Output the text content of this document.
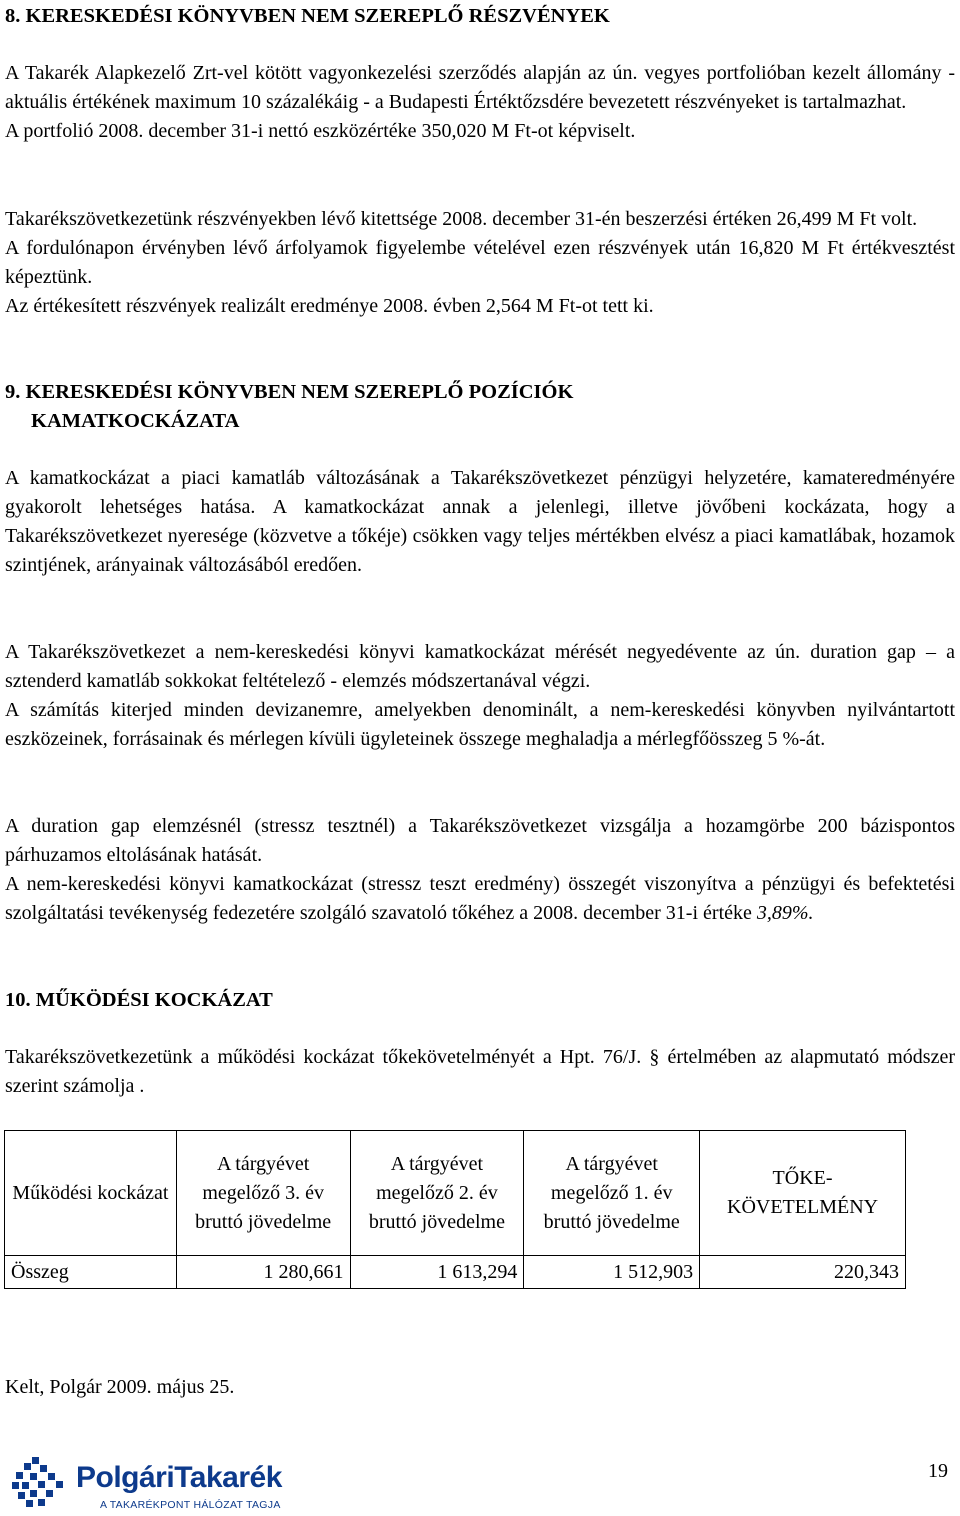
8. KERESKEDÉSI KÖNYVBEN NEM SZEREPLŐ RÉSZVÉNYEK

A Takarék Alapkezelő Zrt-vel kötött vagyonkezelési szerződés alapján az ún. vegyes portfolióban kezelt állomány - aktuális értékének maximum 10 százalékáig - a Budapesti Értéktőzsdére bevezetett részvényeket is tartalmazhat.

A portfolió 2008. december 31-i nettó eszközértéke 350,020 M Ft-ot képviselt.

Takarékszövetkezetünk részvényekben lévő kitettsége 2008. december 31-én beszerzési értéken 26,499 M Ft volt.

A fordulónapon érvényben lévő árfolyamok figyelembe vételével ezen részvények után 16,820 M Ft értékvesztést képeztünk.

Az értékesített részvények realizált eredménye 2008. évben 2,564 M Ft-ot tett ki.

9. KERESKEDÉSI KÖNYVBEN NEM SZEREPLŐ POZÍCIÓK
KAMATKOCKÁZATA

A kamatkockázat a piaci kamatláb változásának a Takarékszövetkezet pénzügyi helyzetére, kamateredményére gyakorolt lehetséges hatása. A kamatkockázat annak a jelenlegi, illetve jövőbeni kockázata, hogy a Takarékszövetkezet nyeresége (közvetve a tőkéje) csökken vagy teljes mértékben elvész a piaci kamatlábak, hozamok szintjének, arányainak változásából eredően.

A Takarékszövetkezet a nem-kereskedési könyvi kamatkockázat mérését negyedévente az ún. duration gap – a sztenderd kamatláb sokkokat feltételező - elemzés módszertanával végzi.

A számítás kiterjed minden devizanemre, amelyekben denominált, a nem-kereskedési könyvben nyilvántartott eszközeinek, forrásainak és mérlegen kívüli ügyleteinek összege meghaladja a mérlegfőösszeg 5 %-át.

A duration gap elemzésnél (stressz tesztnél) a Takarékszövetkezet vizsgálja a hozamgörbe 200 bázispontos párhuzamos eltolásának hatását.

A nem-kereskedési könyvi kamatkockázat (stressz teszt eredmény) összegét viszonyítva a pénzügyi és befektetési szolgáltatási tevékenység fedezetére szolgáló szavatoló tőkéhez a 2008. december 31-i értéke 3,89%.

10. MŰKÖDÉSI KOCKÁZAT

Takarékszövetkezetünk a működési kockázat tőkekövetelményét a Hpt. 76/J. § értelmében az alapmutató módszer szerint számolja .

Működési kockázat	A tárgyévet megelőző 3. év bruttó jövedelme	A tárgyévet megelőző 2. év bruttó jövedelme	A tárgyévet megelőző 1. év bruttó jövedelme	TŐKE-KÖVETELMÉNY
Összeg	1 280,661	1 613,294	1 512,903	220,343

Kelt, Polgár 2009. május 25.

PolgáriTakarék
A TAKARÉKPONT HÁLÓZAT TAGJA
19
